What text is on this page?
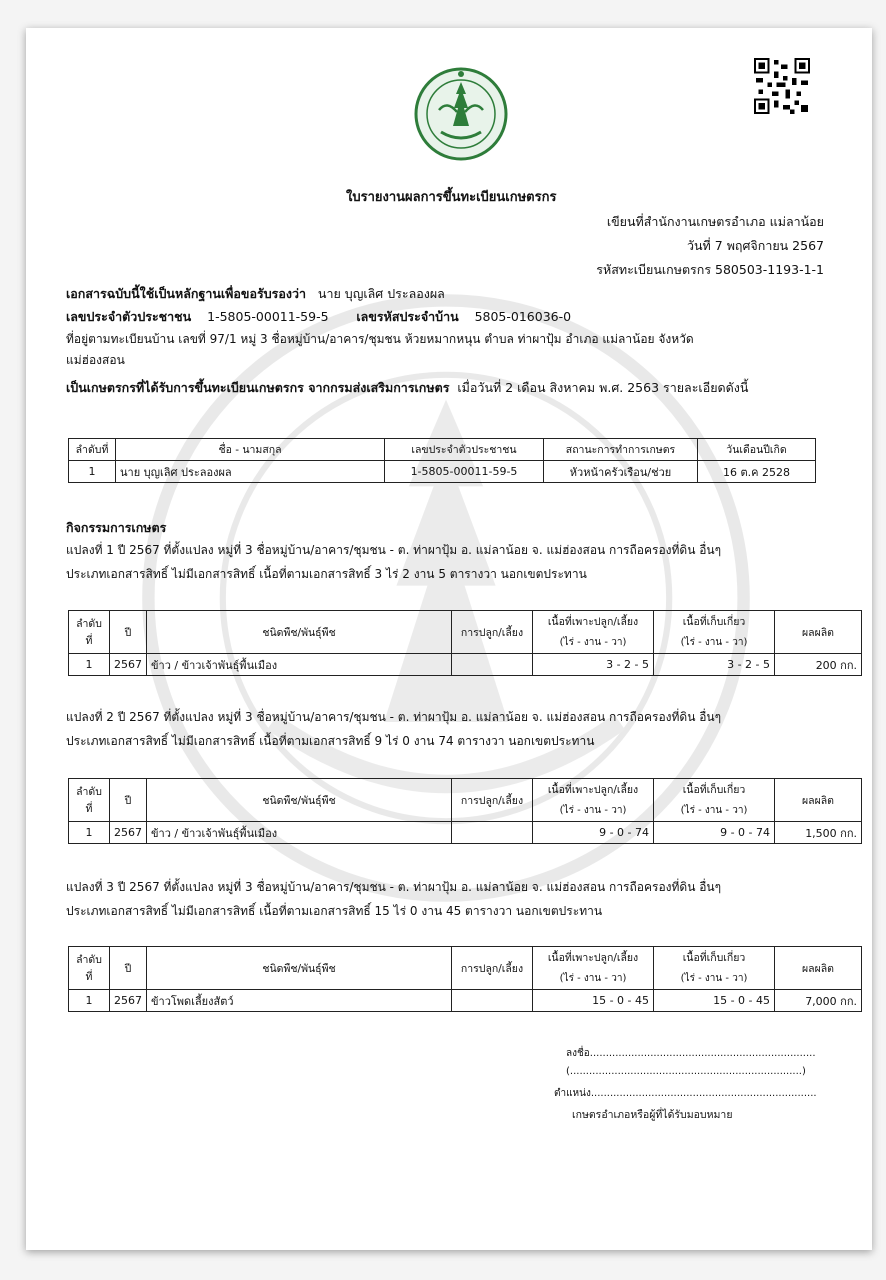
ใบรายงานผลการขึ้นทะเบียนเกษตรกร
เขียนที่สำนักงานเกษตรอำเภอ แม่ลาน้อย
วันที่ 7 พฤศจิกายน 2567
รหัสทะเบียนเกษตรกร 580503-1193-1-1
เอกสารฉบับนี้ใช้เป็นหลักฐานเพื่อขอรับรองว่า นาย บุญเลิศ ประลองผล
เลขประจำตัวประชาชน 1-5805-00011-59-5 เลขรหัสประจำบ้าน 5805-016036-0
ที่อยู่ตามทะเบียนบ้าน เลขที่ 97/1 หมู่ 3 ชื่อหมู่บ้าน/อาคาร/ชุมชน ห้วยหมากหนุน ตำบล ท่าผาปุ้ม อำเภอ แม่ลาน้อย จังหวัด
แม่ฮ่องสอน
เป็นเกษตรกรที่ได้รับการขึ้นทะเบียนเกษตรกร จากกรมส่งเสริมการเกษตร เมื่อวันที่ 2 เดือน สิงหาคม พ.ศ. 2563 รายละเอียดดังนี้
ลำดับที่	ชื่อ - นามสกุล	เลขประจำตัวประชาชน	สถานะการทำการเกษตร	วันเดือนปีเกิด
1	นาย บุญเลิศ ประลองผล	1-5805-00011-59-5	หัวหน้าครัวเรือน/ช่วย	16 ต.ค 2528
กิจกรรมการเกษตร
แปลงที่ 1 ปี 2567 ที่ตั้งแปลง หมู่ที่ 3 ชื่อหมู่บ้าน/อาคาร/ชุมชน - ต. ท่าผาปุ้ม อ. แม่ลาน้อย จ. แม่ฮ่องสอน การถือครองที่ดิน อื่นๆ
ประเภทเอกสารสิทธิ์ ไม่มีเอกสารสิทธิ์ เนื้อที่ตามเอกสารสิทธิ์ 3 ไร่ 2 งาน 5 ตารางวา นอกเขตประทาน
ลำดับที่	ปี	ชนิดพืช/พันธุ์พืช	การปลูก/เลี้ยง	เนื้อที่เพาะปลูก/เลี้ยง	เนื้อที่เก็บเกี่ยว	ผลผลิต
				(ไร่ - งาน - วา)	(ไร่ - งาน - วา)	
1	2567	ข้าว / ข้าวเจ้าพันธุ์พื้นเมือง		3 - 2 - 5	3 - 2 - 5	200 กก.
แปลงที่ 2 ปี 2567 ที่ตั้งแปลง หมู่ที่ 3 ชื่อหมู่บ้าน/อาคาร/ชุมชน - ต. ท่าผาปุ้ม อ. แม่ลาน้อย จ. แม่ฮ่องสอน การถือครองที่ดิน อื่นๆ
ประเภทเอกสารสิทธิ์ ไม่มีเอกสารสิทธิ์ เนื้อที่ตามเอกสารสิทธิ์ 9 ไร่ 0 งาน 74 ตารางวา นอกเขตประทาน
ลำดับที่	ปี	ชนิดพืช/พันธุ์พืช	การปลูก/เลี้ยง	เนื้อที่เพาะปลูก/เลี้ยง	เนื้อที่เก็บเกี่ยว	ผลผลิต
				(ไร่ - งาน - วา)	(ไร่ - งาน - วา)	
1	2567	ข้าว / ข้าวเจ้าพันธุ์พื้นเมือง		9 - 0 - 74	9 - 0 - 74	1,500 กก.
แปลงที่ 3 ปี 2567 ที่ตั้งแปลง หมู่ที่ 3 ชื่อหมู่บ้าน/อาคาร/ชุมชน - ต. ท่าผาปุ้ม อ. แม่ลาน้อย จ. แม่ฮ่องสอน การถือครองที่ดิน อื่นๆ
ประเภทเอกสารสิทธิ์ ไม่มีเอกสารสิทธิ์ เนื้อที่ตามเอกสารสิทธิ์ 15 ไร่ 0 งาน 45 ตารางวา นอกเขตประทาน
ลำดับที่	ปี	ชนิดพืช/พันธุ์พืช	การปลูก/เลี้ยง	เนื้อที่เพาะปลูก/เลี้ยง	เนื้อที่เก็บเกี่ยว	ผลผลิต
				(ไร่ - งาน - วา)	(ไร่ - งาน - วา)	
1	2567	ข้าวโพดเลี้ยงสัตว์		15 - 0 - 45	15 - 0 - 45	7,000 กก.
ลงชื่อ.......................................................................
(.........................................................................)
ตำแหน่ง.......................................................................
เกษตรอำเภอหรือผู้ที่ได้รับมอบหมาย
